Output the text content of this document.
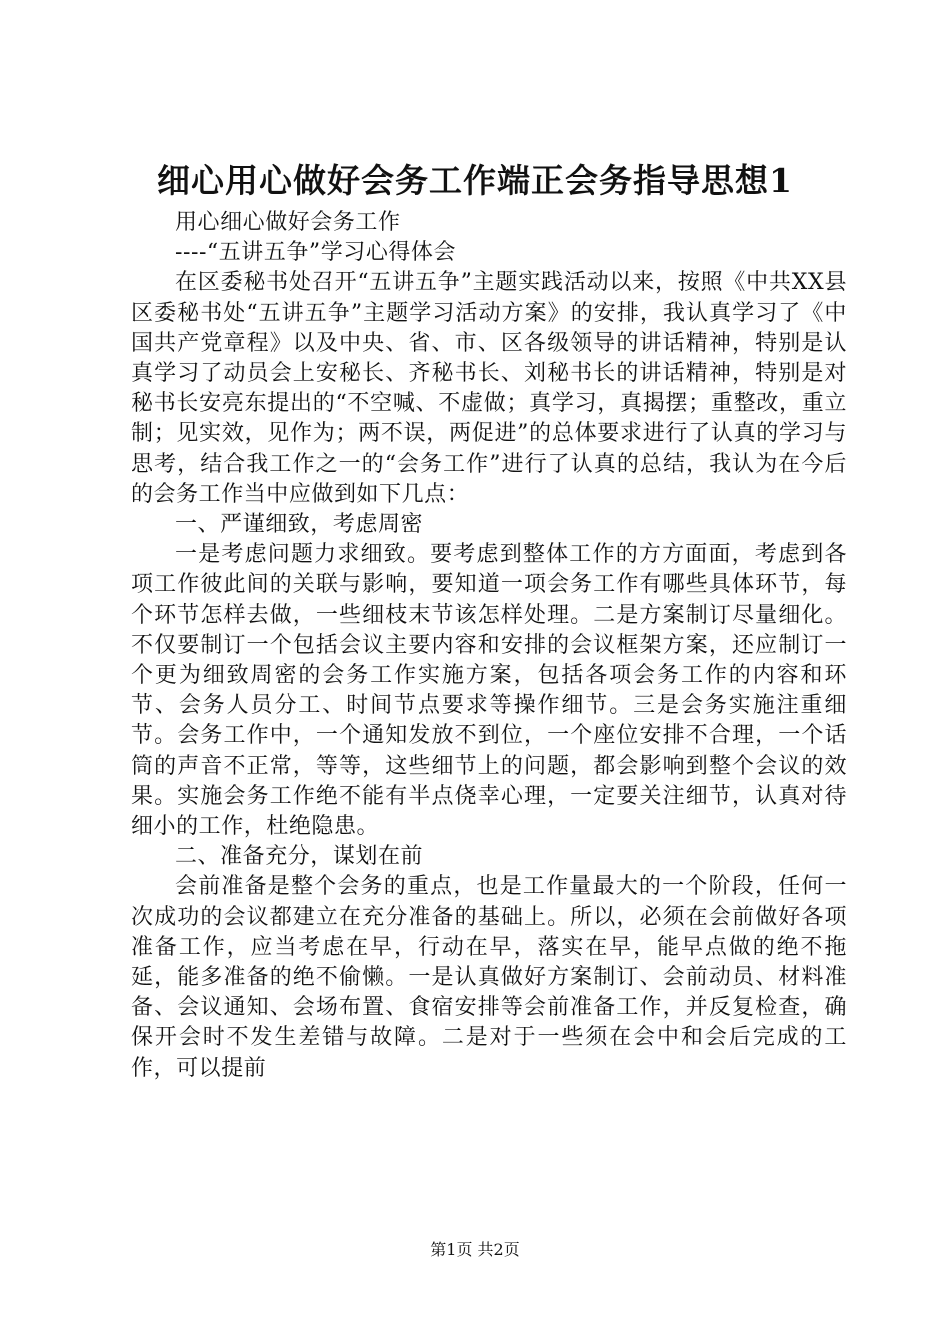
细心用心做好会务工作端正会务指导思想1

用心细心做好会务工作

----“五讲五争”学习心得体会

在区委秘书处召开“五讲五争”主题实践活动以来，按照《中共XX县区委秘书处“五讲五争”主题学习活动方案》的安排，我认真学习了《中国共产党章程》以及中央、省、市、区各级领导的讲话精神，特别是认真学习了动员会上安秘长、齐秘书长、刘秘书长的讲话精神，特别是对秘书长安亮东提出的“不空喊、不虚做；真学习，真揭摆；重整改，重立制；见实效，见作为；两不误，两促进”的总体要求进行了认真的学习与思考，结合我工作之一的“会务工作”进行了认真的总结，我认为在今后的会务工作当中应做到如下几点：

一、严谨细致，考虑周密

一是考虑问题力求细致。要考虑到整体工作的方方面面，考虑到各项工作彼此间的关联与影响，要知道一项会务工作有哪些具体环节，每个环节怎样去做，一些细枝末节该怎样处理。二是方案制订尽量细化。不仅要制订一个包括会议主要内容和安排的会议框架方案，还应制订一个更为细致周密的会务工作实施方案，包括各项会务工作的内容和环节、会务人员分工、时间节点要求等操作细节。三是会务实施注重细节。会务工作中，一个通知发放不到位，一个座位安排不合理，一个话筒的声音不正常，等等，这些细节上的问题，都会影响到整个会议的效果。实施会务工作绝不能有半点侥幸心理，一定要关注细节，认真对待细小的工作，杜绝隐患。

二、准备充分，谋划在前

会前准备是整个会务的重点，也是工作量最大的一个阶段，任何一次成功的会议都建立在充分准备的基础上。所以，必须在会前做好各项准备工作，应当考虑在早，行动在早，落实在早，能早点做的绝不拖延，能多准备的绝不偷懒。一是认真做好方案制订、会前动员、材料准备、会议通知、会场布置、食宿安排等会前准备工作，并反复检查，确保开会时不发生差错与故障。二是对于一些须在会中和会后完成的工作，可以提前

第1页 共2页
